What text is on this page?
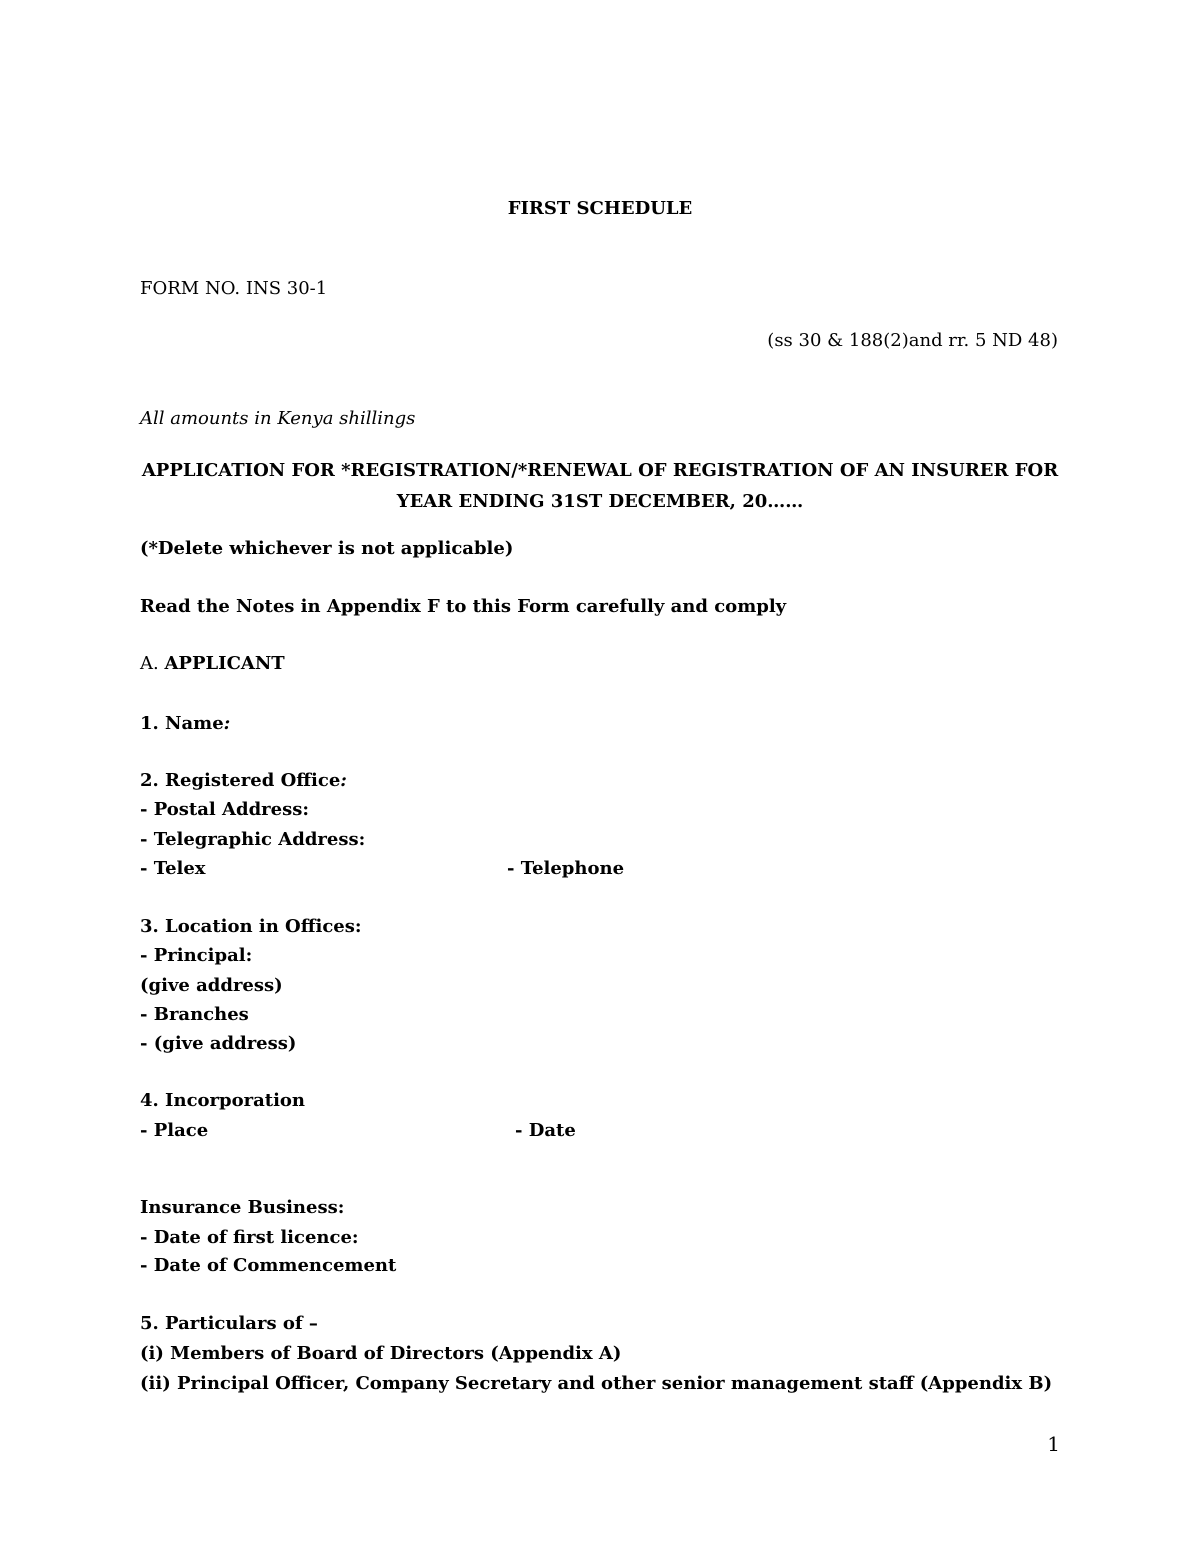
FIRST SCHEDULE
FORM NO. INS 30-1
(ss 30 & 188(2)and rr. 5 ND 48)
All amounts in Kenya shillings
APPLICATION FOR *REGISTRATION/*RENEWAL OF REGISTRATION OF AN INSURER FOR
YEAR ENDING 31ST DECEMBER, 20……
(*Delete whichever is not applicable)
Read the Notes in Appendix F to this Form carefully and comply
A. APPLICANT
1. Name:
2. Registered Office:
- Postal Address:
- Telegraphic Address:
- Telex	- Telephone
3. Location in Offices:
- Principal:
(give address)
- Branches
- (give address)
4. Incorporation
- Place	- Date
Insurance Business:
- Date of first licence:
- Date of Commencement
5. Particulars of –
(i) Members of Board of Directors (Appendix A)
(ii) Principal Officer, Company Secretary and other senior management staff (Appendix B)
1
